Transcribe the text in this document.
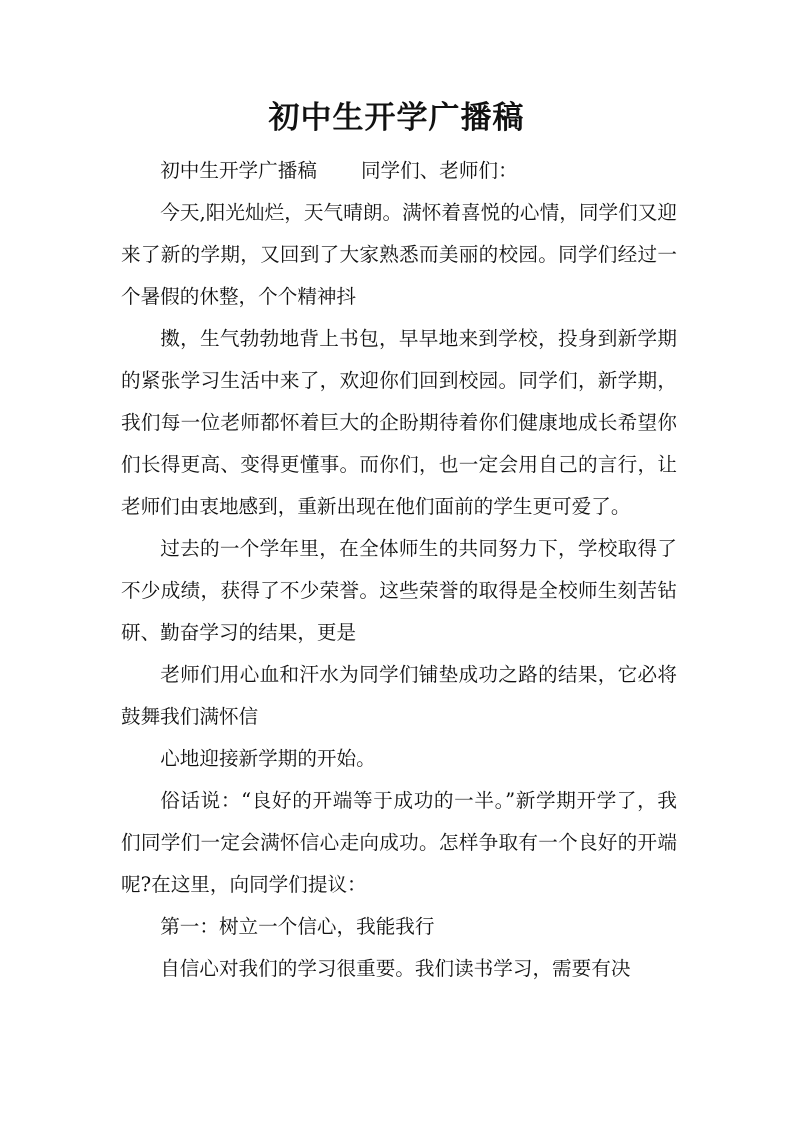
初中生开学广播稿

初中生开学广播稿 同学们、老师们：

今天,阳光灿烂，天气晴朗。满怀着喜悦的心情，同学们又迎来了新的学期，又回到了大家熟悉而美丽的校园。同学们经过一个暑假的休整，个个精神抖

擞，生气勃勃地背上书包，早早地来到学校，投身到新学期的紧张学习生活中来了，欢迎你们回到校园。同学们，新学期，我们每一位老师都怀着巨大的企盼期待着你们健康地成长希望你们长得更高、变得更懂事。而你们，也一定会用自己的言行，让老师们由衷地感到，重新出现在他们面前的学生更可爱了。

过去的一个学年里，在全体师生的共同努力下，学校取得了不少成绩，获得了不少荣誉。这些荣誉的取得是全校师生刻苦钻研、勤奋学习的结果，更是

老师们用心血和汗水为同学们铺垫成功之路的结果，它必将鼓舞我们满怀信

心地迎接新学期的开始。

俗话说：“良好的开端等于成功的一半。”新学期开学了，我们同学们一定会满怀信心走向成功。怎样争取有一个良好的开端呢?在这里，向同学们提议：

第一：树立一个信心，我能我行

自信心对我们的学习很重要。我们读书学习，需要有决
